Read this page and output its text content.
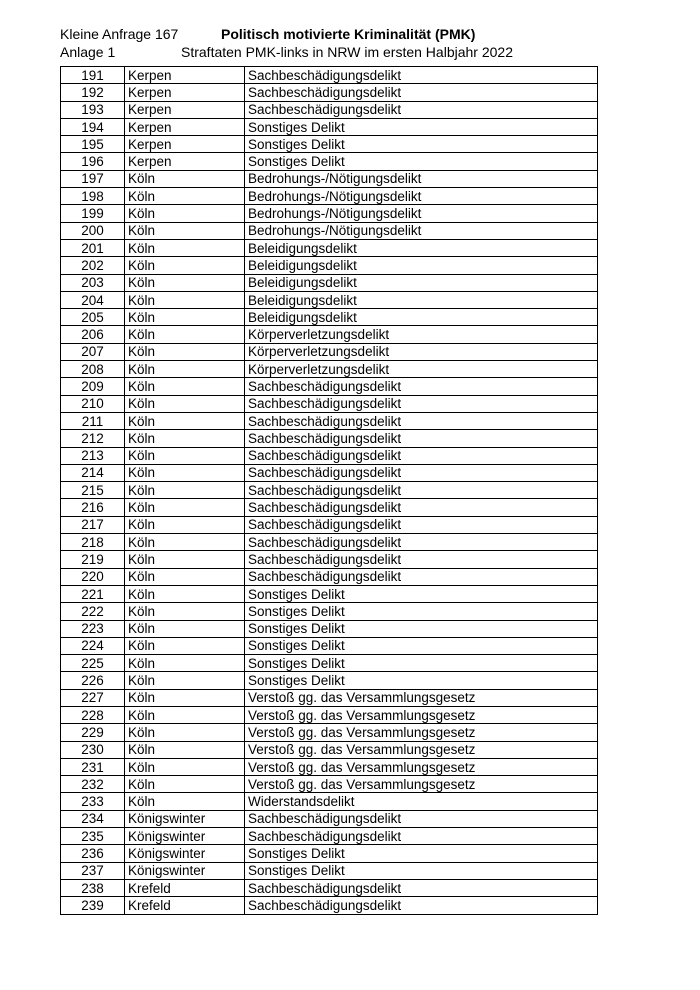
Kleine Anfrage 167
Anlage 1
Politisch motivierte Kriminalität (PMK)
Straftaten PMK-links in NRW im ersten Halbjahr 2022
191	Kerpen	Sachbeschädigungsdelikt
192	Kerpen	Sachbeschädigungsdelikt
193	Kerpen	Sachbeschädigungsdelikt
194	Kerpen	Sonstiges Delikt
195	Kerpen	Sonstiges Delikt
196	Kerpen	Sonstiges Delikt
197	Köln	Bedrohungs-/Nötigungsdelikt
198	Köln	Bedrohungs-/Nötigungsdelikt
199	Köln	Bedrohungs-/Nötigungsdelikt
200	Köln	Bedrohungs-/Nötigungsdelikt
201	Köln	Beleidigungsdelikt
202	Köln	Beleidigungsdelikt
203	Köln	Beleidigungsdelikt
204	Köln	Beleidigungsdelikt
205	Köln	Beleidigungsdelikt
206	Köln	Körperverletzungsdelikt
207	Köln	Körperverletzungsdelikt
208	Köln	Körperverletzungsdelikt
209	Köln	Sachbeschädigungsdelikt
210	Köln	Sachbeschädigungsdelikt
211	Köln	Sachbeschädigungsdelikt
212	Köln	Sachbeschädigungsdelikt
213	Köln	Sachbeschädigungsdelikt
214	Köln	Sachbeschädigungsdelikt
215	Köln	Sachbeschädigungsdelikt
216	Köln	Sachbeschädigungsdelikt
217	Köln	Sachbeschädigungsdelikt
218	Köln	Sachbeschädigungsdelikt
219	Köln	Sachbeschädigungsdelikt
220	Köln	Sachbeschädigungsdelikt
221	Köln	Sonstiges Delikt
222	Köln	Sonstiges Delikt
223	Köln	Sonstiges Delikt
224	Köln	Sonstiges Delikt
225	Köln	Sonstiges Delikt
226	Köln	Sonstiges Delikt
227	Köln	Verstoß gg. das Versammlungsgesetz
228	Köln	Verstoß gg. das Versammlungsgesetz
229	Köln	Verstoß gg. das Versammlungsgesetz
230	Köln	Verstoß gg. das Versammlungsgesetz
231	Köln	Verstoß gg. das Versammlungsgesetz
232	Köln	Verstoß gg. das Versammlungsgesetz
233	Köln	Widerstandsdelikt
234	Königswinter	Sachbeschädigungsdelikt
235	Königswinter	Sachbeschädigungsdelikt
236	Königswinter	Sonstiges Delikt
237	Königswinter	Sonstiges Delikt
238	Krefeld	Sachbeschädigungsdelikt
239	Krefeld	Sachbeschädigungsdelikt
